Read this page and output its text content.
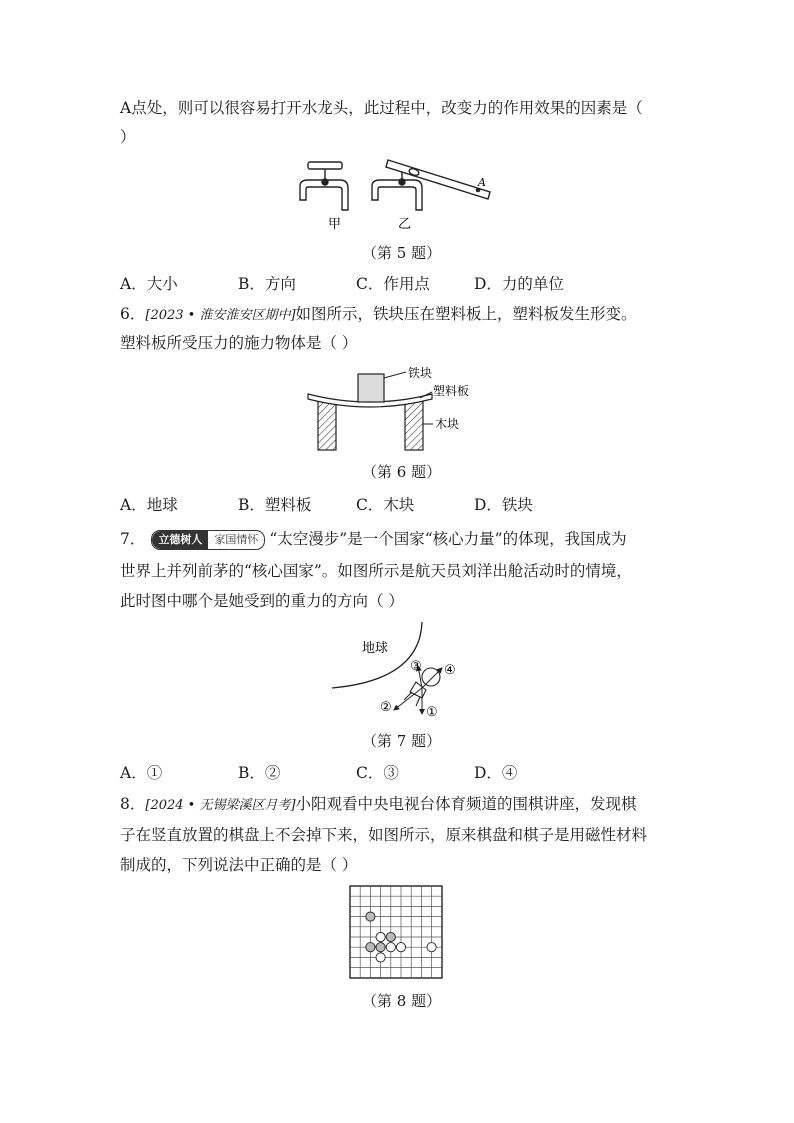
A点处，则可以很容易打开水龙头，此过程中，改变力的作用效果的因素是（
）
A
甲	乙
（第 5 题）
A．大小	B．方向	C．作用点	D．力的单位
6．[2023 • 淮安淮安区期中]如图所示，铁块压在塑料板上，塑料板发生形变。
塑料板所受压力的施力物体是（ ）
铁块
塑料板
木块
（第 6 题）
A．地球	B．塑料板	C．木块	D．铁块
7． 立德树人 家国情怀 “太空漫步”是一个国家“核心力量”的体现，我国成为
世界上并列前茅的“核心国家”。如图所示是航天员刘洋出舱活动时的情境，
此时图中哪个是她受到的重力的方向（ ）
地球
①
②
③ ④
（第 7 题）
A．①	B．②	C．③	D．④
8．[2024 • 无锡梁溪区月考]小阳观看中央电视台体育频道的围棋讲座，发现棋
子在竖直放置的棋盘上不会掉下来，如图所示，原来棋盘和棋子是用磁性材料
制成的，下列说法中正确的是（ ）
（第 8 题）
